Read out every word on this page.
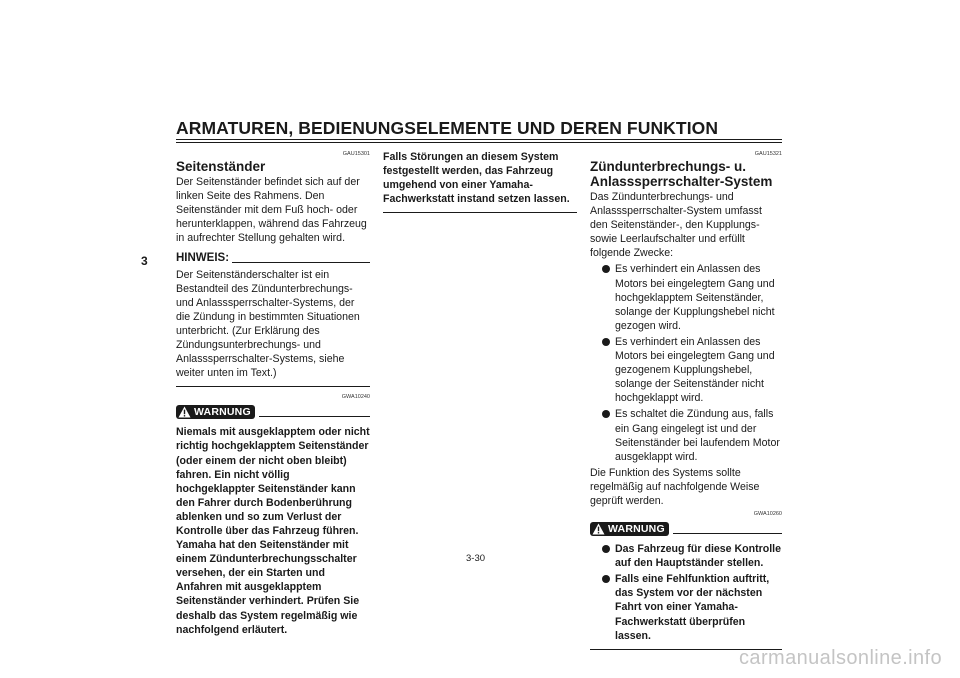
ARMATUREN, BEDIENUNGSELEMENTE UND DEREN FUNKTION
3
GAU15301
Seitenständer
Der Seitenständer befindet sich auf der linken Seite des Rahmens. Den Seitenständer mit dem Fuß hoch- oder herunterklappen, während das Fahrzeug in aufrechter Stellung gehalten wird.
HINWEIS:
Der Seitenständerschalter ist ein Bestandteil des Zündunterbrechungs- und Anlasssperrschalter-Systems, der die Zündung in bestimmten Situationen unterbricht. (Zur Erklärung des Zündungsunterbrechungs- und Anlasssperrschalter-Systems, siehe weiter unten im Text.)
GWA10240
WARNUNG
Niemals mit ausgeklapptem oder nicht richtig hochgeklapptem Seitenständer (oder einem der nicht oben bleibt) fahren. Ein nicht völlig hochgeklappter Seitenständer kann den Fahrer durch Bodenberührung ablenken und so zum Verlust der Kontrolle über das Fahrzeug führen. Yamaha hat den Seitenständer mit einem Zündunterbrechungsschalter versehen, der ein Starten und Anfahren mit ausgeklapptem Seitenständer verhindert. Prüfen Sie deshalb das System regelmäßig wie nachfolgend erläutert.
Falls Störungen an diesem System festgestellt werden, das Fahrzeug umgehend von einer Yamaha-Fachwerkstatt instand setzen lassen.
GAU15321
Zündunterbrechungs- u. Anlasssperrschalter-System
Das Zündunterbrechungs- und Anlasssperrschalter-System umfasst den Seitenständer-, den Kupplungs- sowie Leerlaufschalter und erfüllt folgende Zwecke:
Es verhindert ein Anlassen des Motors bei eingelegtem Gang und hochgeklapptem Seitenständer, solange der Kupplungshebel nicht gezogen wird.
Es verhindert ein Anlassen des Motors bei eingelegtem Gang und gezogenem Kupplungshebel, solange der Seitenständer nicht hochgeklappt wird.
Es schaltet die Zündung aus, falls ein Gang eingelegt ist und der Seitenständer bei laufendem Motor ausgeklappt wird.
Die Funktion des Systems sollte regelmäßig auf nachfolgende Weise geprüft werden.
GWA10260
WARNUNG
Das Fahrzeug für diese Kontrolle auf den Hauptständer stellen.
Falls eine Fehlfunktion auftritt, das System vor der nächsten Fahrt von einer Yamaha-Fachwerkstatt überprüfen lassen.
3-30
carmanualsonline.info
